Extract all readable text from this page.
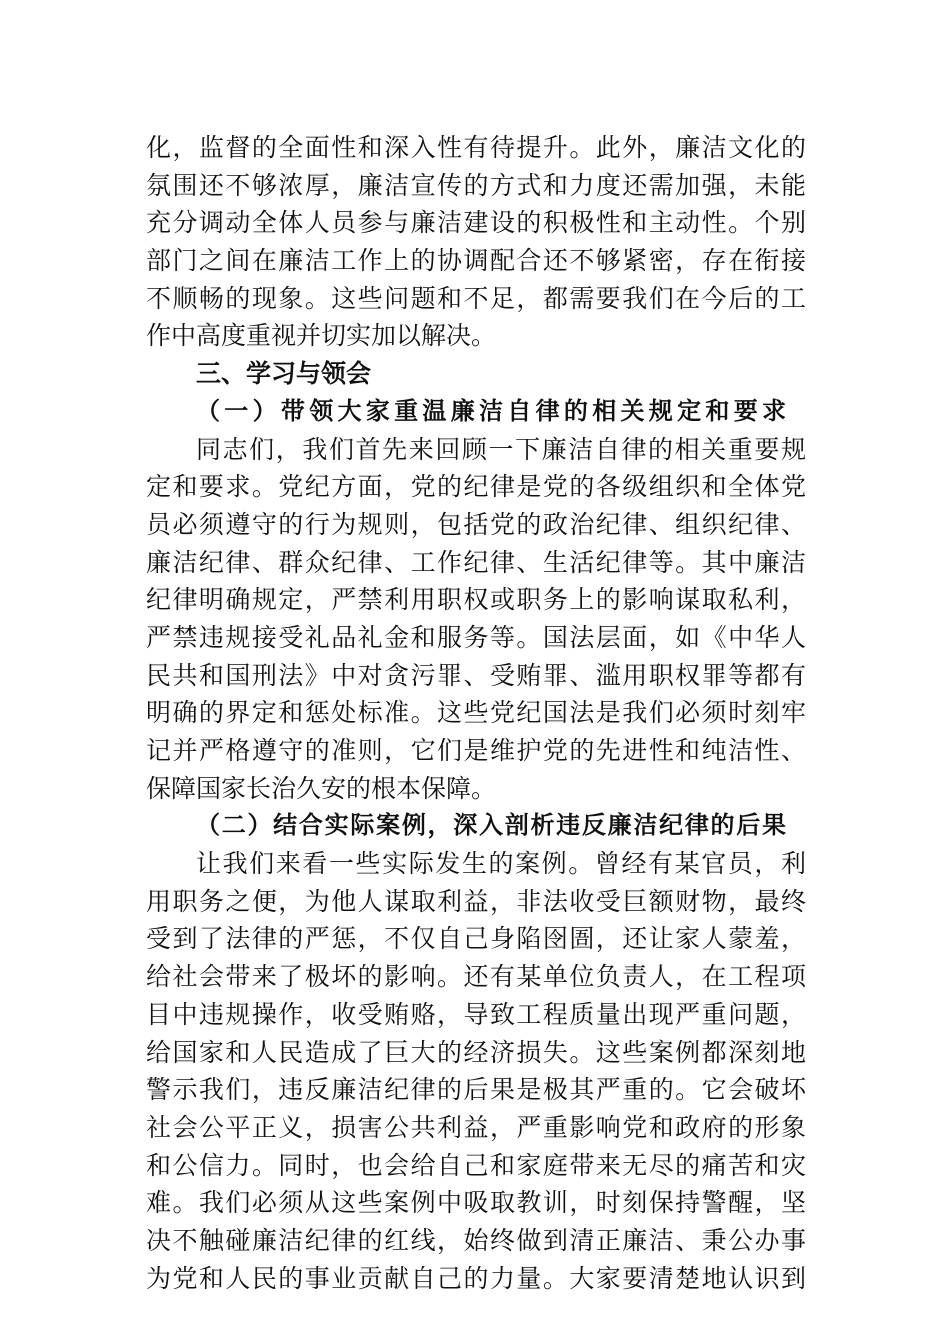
化，监督的全面性和深入性有待提升。此外，廉洁文化的
氛围还不够浓厚，廉洁宣传的方式和力度还需加强，未能
充分调动全体人员参与廉洁建设的积极性和主动性。个别
部门之间在廉洁工作上的协调配合还不够紧密，存在衔接
不顺畅的现象。这些问题和不足，都需要我们在今后的工
作中高度重视并切实加以解决。
三、学习与领会
（一）带领大家重温廉洁自律的相关规定和要求
同志们，我们首先来回顾一下廉洁自律的相关重要规
定和要求。党纪方面，党的纪律是党的各级组织和全体党
员必须遵守的行为规则，包括党的政治纪律、组织纪律、
廉洁纪律、群众纪律、工作纪律、生活纪律等。其中廉洁
纪律明确规定，严禁利用职权或职务上的影响谋取私利，
严禁违规接受礼品礼金和服务等。国法层面，如《中华人
民共和国刑法》中对贪污罪、受贿罪、滥用职权罪等都有
明确的界定和惩处标准。这些党纪国法是我们必须时刻牢
记并严格遵守的准则，它们是维护党的先进性和纯洁性、
保障国家长治久安的根本保障。
（二）结合实际案例，深入剖析违反廉洁纪律的后果
让我们来看一些实际发生的案例。曾经有某官员，利
用职务之便，为他人谋取利益，非法收受巨额财物，最终
受到了法律的严惩，不仅自己身陷囹圄，还让家人蒙羞，
给社会带来了极坏的影响。还有某单位负责人，在工程项
目中违规操作，收受贿赂，导致工程质量出现严重问题，
给国家和人民造成了巨大的经济损失。这些案例都深刻地
警示我们，违反廉洁纪律的后果是极其严重的。它会破坏
社会公平正义，损害公共利益，严重影响党和政府的形象
和公信力。同时，也会给自己和家庭带来无尽的痛苦和灾
难。我们必须从这些案例中吸取教训，时刻保持警醒，坚
决不触碰廉洁纪律的红线，始终做到清正廉洁、秉公办事
为党和人民的事业贡献自己的力量。大家要清楚地认识到
